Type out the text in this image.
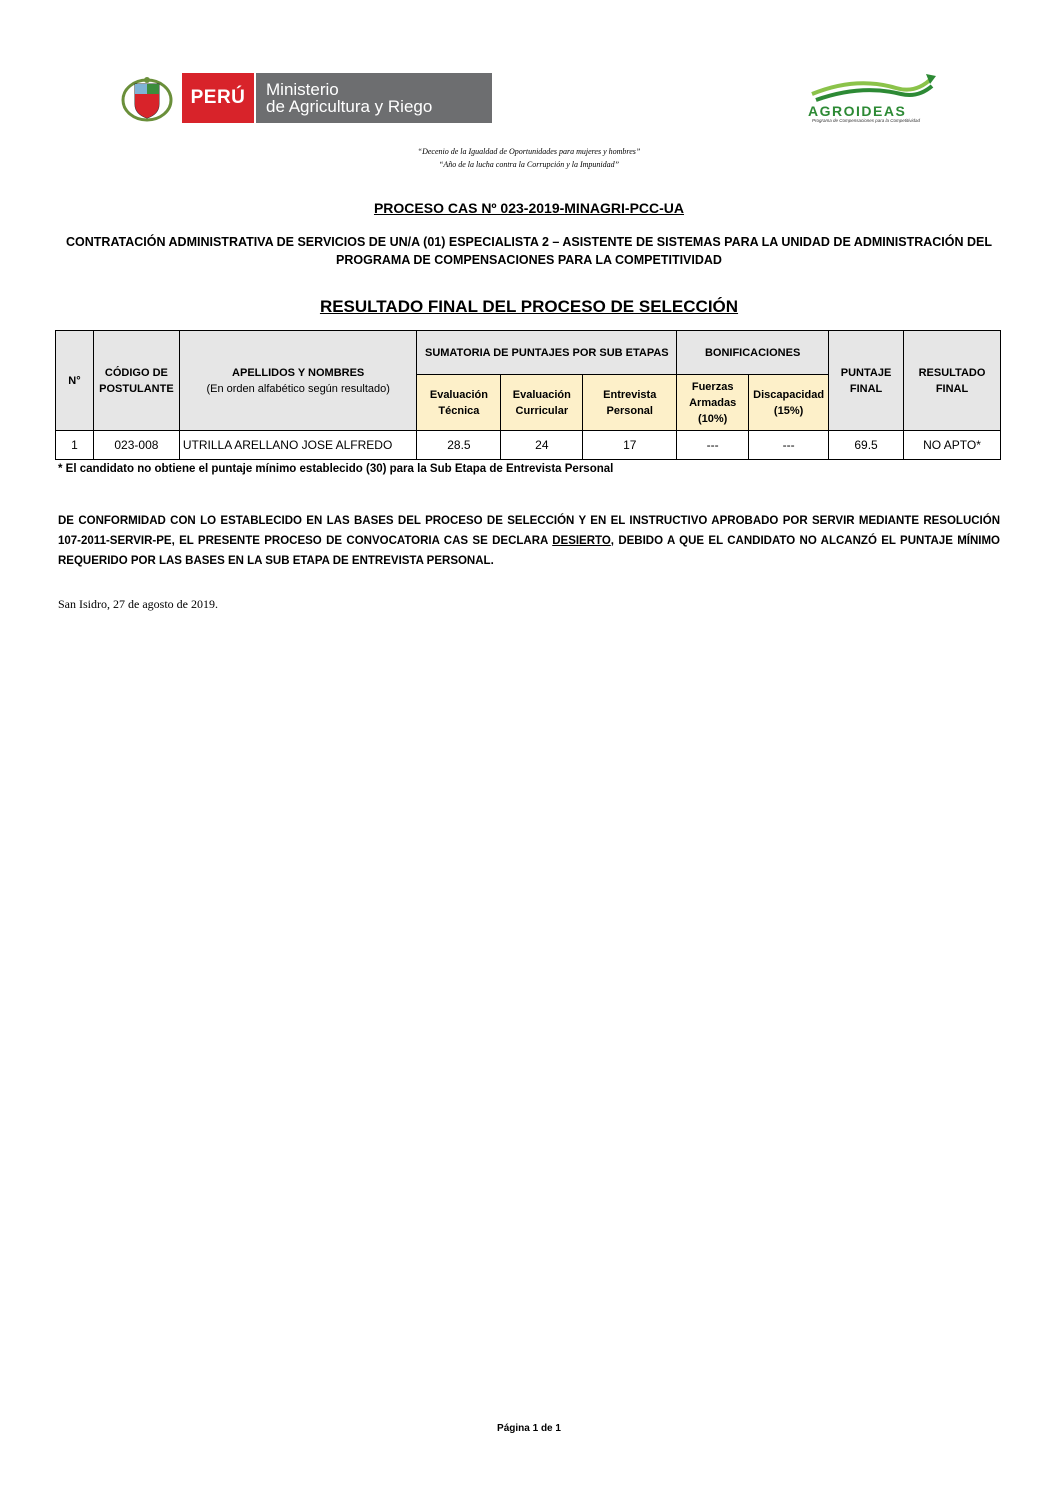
PERÚ Ministerio
de Agricultura y Riego	AGROIDEAS
Programa de Compensaciones para la Competitividad
“Decenio de la Igualdad de Oportunidades para mujeres y hombres”
“Año de la lucha contra la Corrupción y la Impunidad”
PROCESO CAS Nº 023-2019-MINAGRI-PCC-UA
CONTRATACIÓN ADMINISTRATIVA DE SERVICIOS DE UN/A (01) ESPECIALISTA 2 – ASISTENTE DE SISTEMAS PARA LA UNIDAD DE ADMINISTRACIÓN DEL PROGRAMA DE COMPENSACIONES PARA LA COMPETITIVIDAD
RESULTADO FINAL DEL PROCESO DE SELECCIÓN
N°	CÓDIGO DE POSTULANTE	APELLIDOS Y NOMBRES
(En orden alfabético según resultado)	SUMATORIA DE PUNTAJES POR SUB ETAPAS			BONIFICACIONES		PUNTAJE FINAL	RESULTADO FINAL
			Evaluación Técnica	Evaluación Curricular	Entrevista Personal	Fuerzas Armadas (10%)	Discapacidad (15%)		
1	023-008	UTRILLA ARELLANO JOSE ALFREDO	28.5	24	17	---	---	69.5	NO APTO*
* El candidato no obtiene el puntaje mínimo establecido (30) para la Sub Etapa de Entrevista Personal
DE CONFORMIDAD CON LO ESTABLECIDO EN LAS BASES DEL PROCESO DE SELECCIÓN Y EN EL INSTRUCTIVO APROBADO POR SERVIR MEDIANTE RESOLUCIÓN 107-2011-SERVIR-PE, EL PRESENTE PROCESO DE CONVOCATORIA CAS SE DECLARA DESIERTO, DEBIDO A QUE EL CANDIDATO NO ALCANZÓ EL PUNTAJE MÍNIMO REQUERIDO POR LAS BASES EN LA SUB ETAPA DE ENTREVISTA PERSONAL.
San Isidro, 27 de agosto de 2019.
Página 1 de 1
